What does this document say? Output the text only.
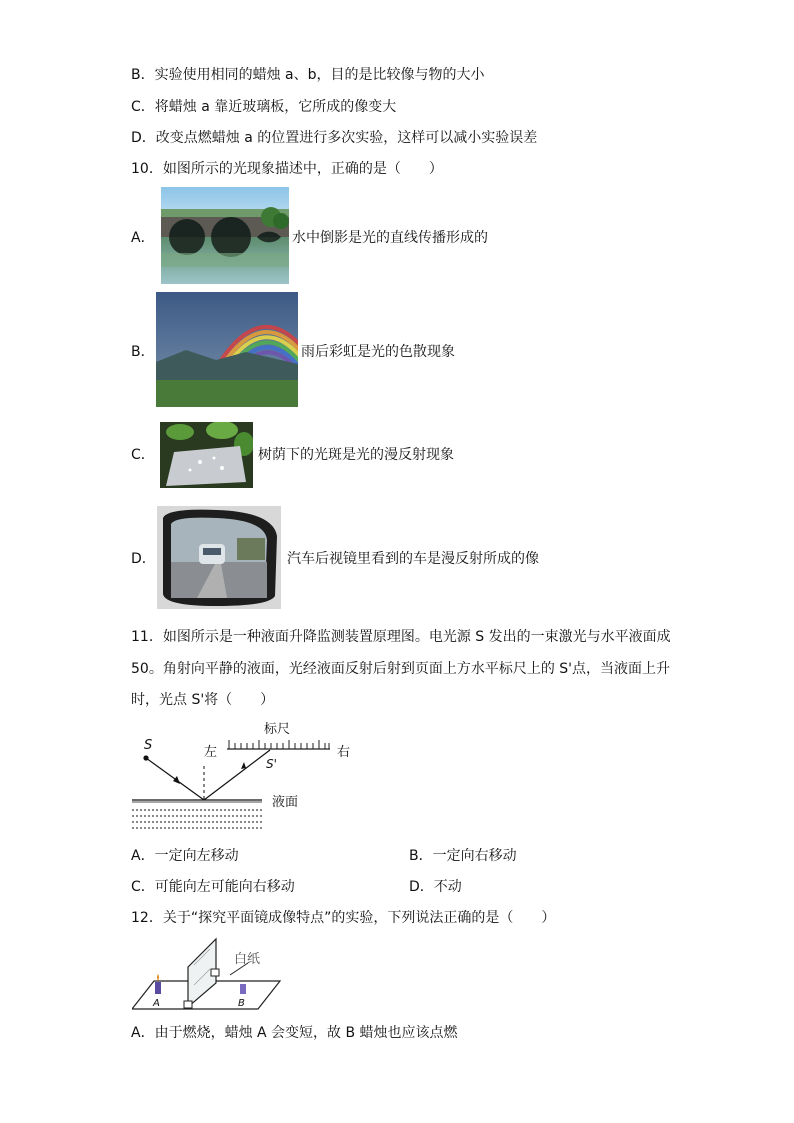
B．实验使用相同的蜡烛 a、b，目的是比较像与物的大小
C．将蜡烛 a 靠近玻璃板，它所成的像变大
D．改变点燃蜡烛 a 的位置进行多次实验，这样可以减小实验误差
10．如图所示的光现象描述中，正确的是（　　）
A．	水中倒影是光的直线传播形成的
B．	雨后彩虹是光的色散现象
C．	树荫下的光斑是光的漫反射现象
D．	汽车后视镜里看到的车是漫反射所成的像
11．如图所示是一种液面升降监测装置原理图。电光源 S 发出的一束激光与水平液面成
50。角射向平静的液面，光经液面反射后射到页面上方水平标尺上的 S'点，当液面上升
时，光点 S'将（　　）
标尺
左	右
S
S'
液面
A．一定向左移动	B．一定向右移动
C．可能向左可能向右移动	D．不动
12．关于“探究平面镜成像特点”的实验，下列说法正确的是（　　）
A	B
白纸
A．由于燃烧，蜡烛 A 会变短，故 B 蜡烛也应该点燃
